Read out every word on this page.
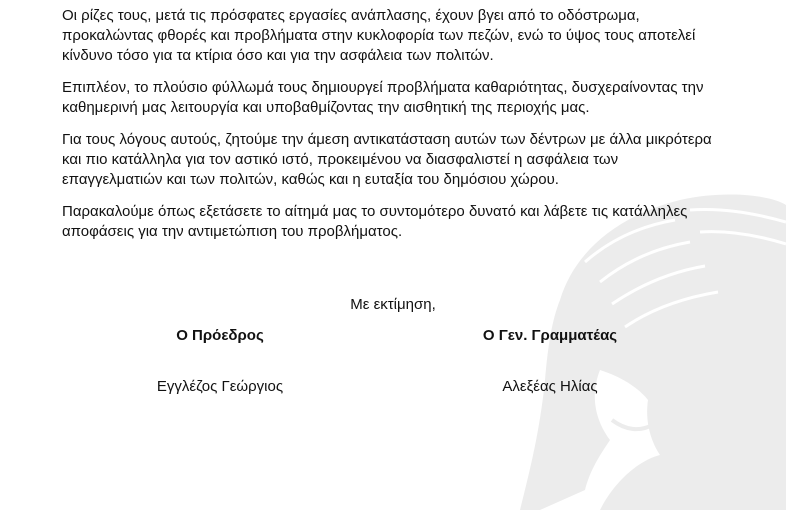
Οι ρίζες τους, μετά τις πρόσφατες εργασίες ανάπλασης, έχουν βγει από το οδόστρωμα, προκαλώντας φθορές και προβλήματα στην κυκλοφορία των πεζών, ενώ το ύψος τους αποτελεί κίνδυνο τόσο για τα κτίρια όσο και για την ασφάλεια των πολιτών.

Επιπλέον, το πλούσιο φύλλωμά τους δημιουργεί προβλήματα καθαριότητας, δυσχεραίνοντας την καθημερινή μας λειτουργία και υποβαθμίζοντας την αισθητική της περιοχής μας.

Για τους λόγους αυτούς, ζητούμε την άμεση αντικατάσταση αυτών των δέντρων με άλλα μικρότερα και πιο κατάλληλα για τον αστικό ιστό, προκειμένου να διασφαλιστεί η ασφάλεια των επαγγελματιών και των πολιτών, καθώς και η ευταξία του δημόσιου χώρου.

Παρακαλούμε όπως εξετάσετε το αίτημά μας το συντομότερο δυνατό και λάβετε τις κατάλληλες αποφάσεις για την αντιμετώπιση του προβλήματος.

Με εκτίμηση,
Ο Πρόεδρος	Ο Γεν. Γραμματέας
Εγγλέζος Γεώργιος	Αλεξέας Ηλίας
